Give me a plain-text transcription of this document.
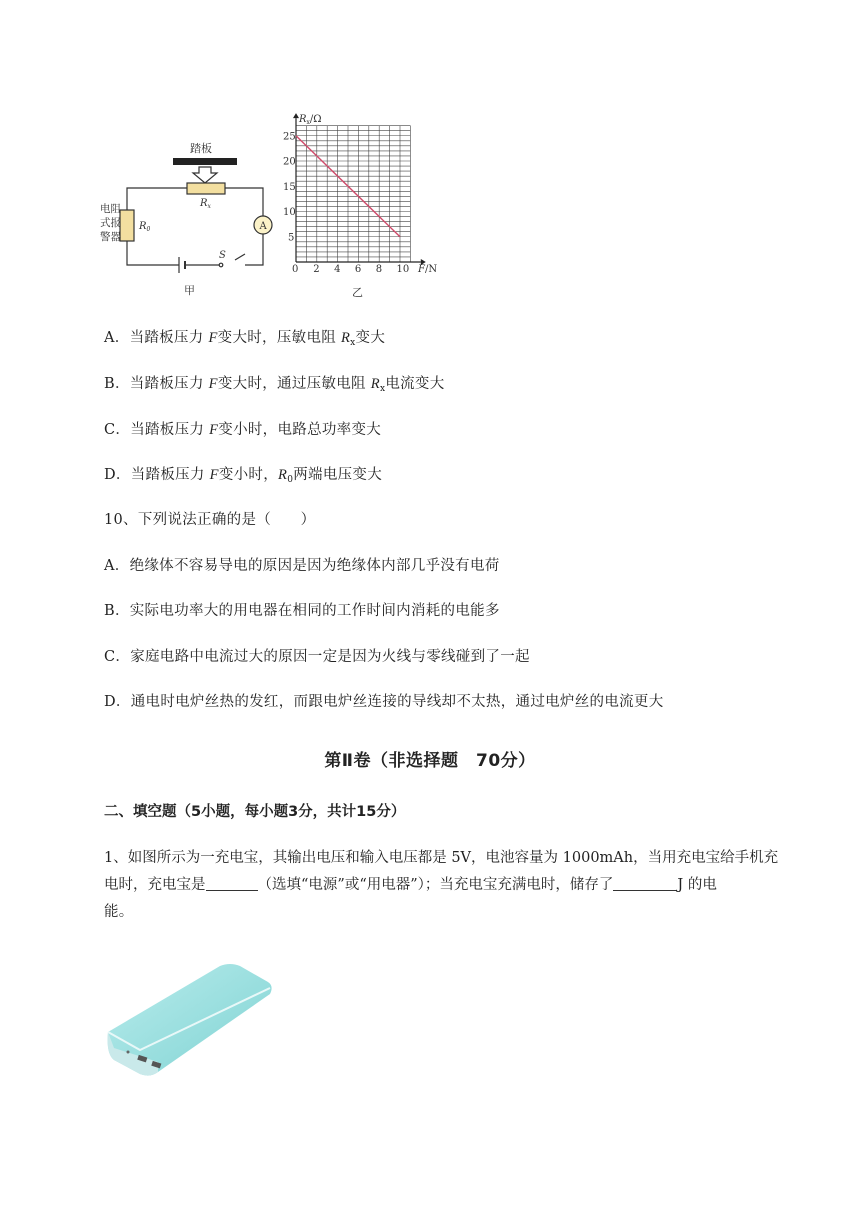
踏板
$R_x$
$R_0$
电阻
式报
警器
A
S
甲
2 4 6 8 10
5
10
15
20
25
$R_x/\Omega$
F/N
0
乙
A．当踏板压力 F变大时，压敏电阻 $R_x$变大
B．当踏板压力 F变大时，通过压敏电阻 $R_x$电流变大
C．当踏板压力 F变小时，电路总功率变大
D．当踏板压力 F变小时，$R_0$两端电压变大
10、下列说法正确的是（　　）
A．绝缘体不容易导电的原因是因为绝缘体内部几乎没有电荷
B．实际电功率大的用电器在相同的工作时间内消耗的电能多
C．家庭电路中电流过大的原因一定是因为火线与零线碰到了一起
D．通电时电炉丝热的发红，而跟电炉丝连接的导线却不太热，通过电炉丝的电流更大
第Ⅱ卷（非选择题　70分）
二、填空题（5小题，每小题3分，共计15分）
1、如图所示为一充电宝，其输出电压和输入电压都是 5V，电池容量为 1000mAh，当用充电宝给手机充
电时，充电宝是	（选填“电源”或“用电器”）；当充电宝充满电时，储存了	J 的电
能。
